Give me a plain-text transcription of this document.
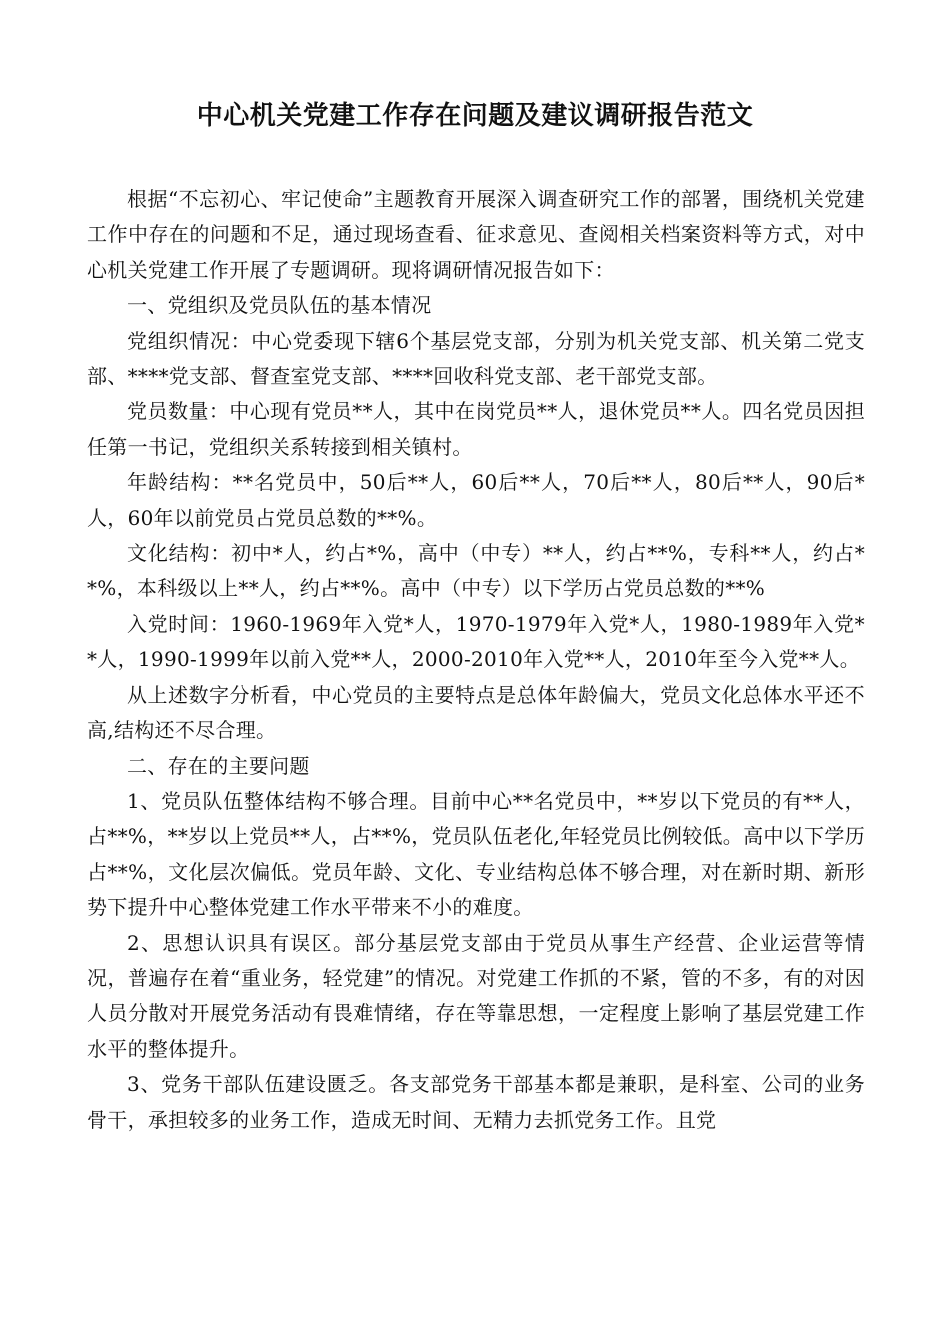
中心机关党建工作存在问题及建议调研报告范文

根据“不忘初心、牢记使命”主题教育开展深入调查研究工作的部署，围绕机关党建工作中存在的问题和不足，通过现场查看、征求意见、查阅相关档案资料等方式，对中心机关党建工作开展了专题调研。现将调研情况报告如下：

一、党组织及党员队伍的基本情况

党组织情况：中心党委现下辖6个基层党支部，分别为机关党支部、机关第二党支部、****党支部、督查室党支部、****回收科党支部、老干部党支部。

党员数量：中心现有党员**人，其中在岗党员**人，退休党员**人。四名党员因担任第一书记，党组织关系转接到相关镇村。

年龄结构：**名党员中，50后**人，60后**人，70后**人，80后**人，90后*人，60年以前党员占党员总数的**%。

文化结构：初中*人，约占*%，高中（中专）**人，约占**%，专科**人，约占**%，本科级以上**人，约占**%。高中（中专）以下学历占党员总数的**%

入党时间：1960-1969年入党*人，1970-1979年入党*人，1980-1989年入党**人，1990-1999年以前入党**人，2000-2010年入党**人，2010年至今入党**人。

从上述数字分析看，中心党员的主要特点是总体年龄偏大，党员文化总体水平还不高,结构还不尽合理。

二、存在的主要问题

1、党员队伍整体结构不够合理。目前中心**名党员中，**岁以下党员的有**人，占**%，**岁以上党员**人，占**%，党员队伍老化,年轻党员比例较低。高中以下学历占**%，文化层次偏低。党员年龄、文化、专业结构总体不够合理，对在新时期、新形势下提升中心整体党建工作水平带来不小的难度。

2、思想认识具有误区。部分基层党支部由于党员从事生产经营、企业运营等情况，普遍存在着“重业务，轻党建”的情况。对党建工作抓的不紧，管的不多，有的对因人员分散对开展党务活动有畏难情绪，存在等靠思想，一定程度上影响了基层党建工作水平的整体提升。

3、党务干部队伍建设匮乏。各支部党务干部基本都是兼职，是科室、公司的业务骨干，承担较多的业务工作，造成无时间、无精力去抓党务工作。且党
